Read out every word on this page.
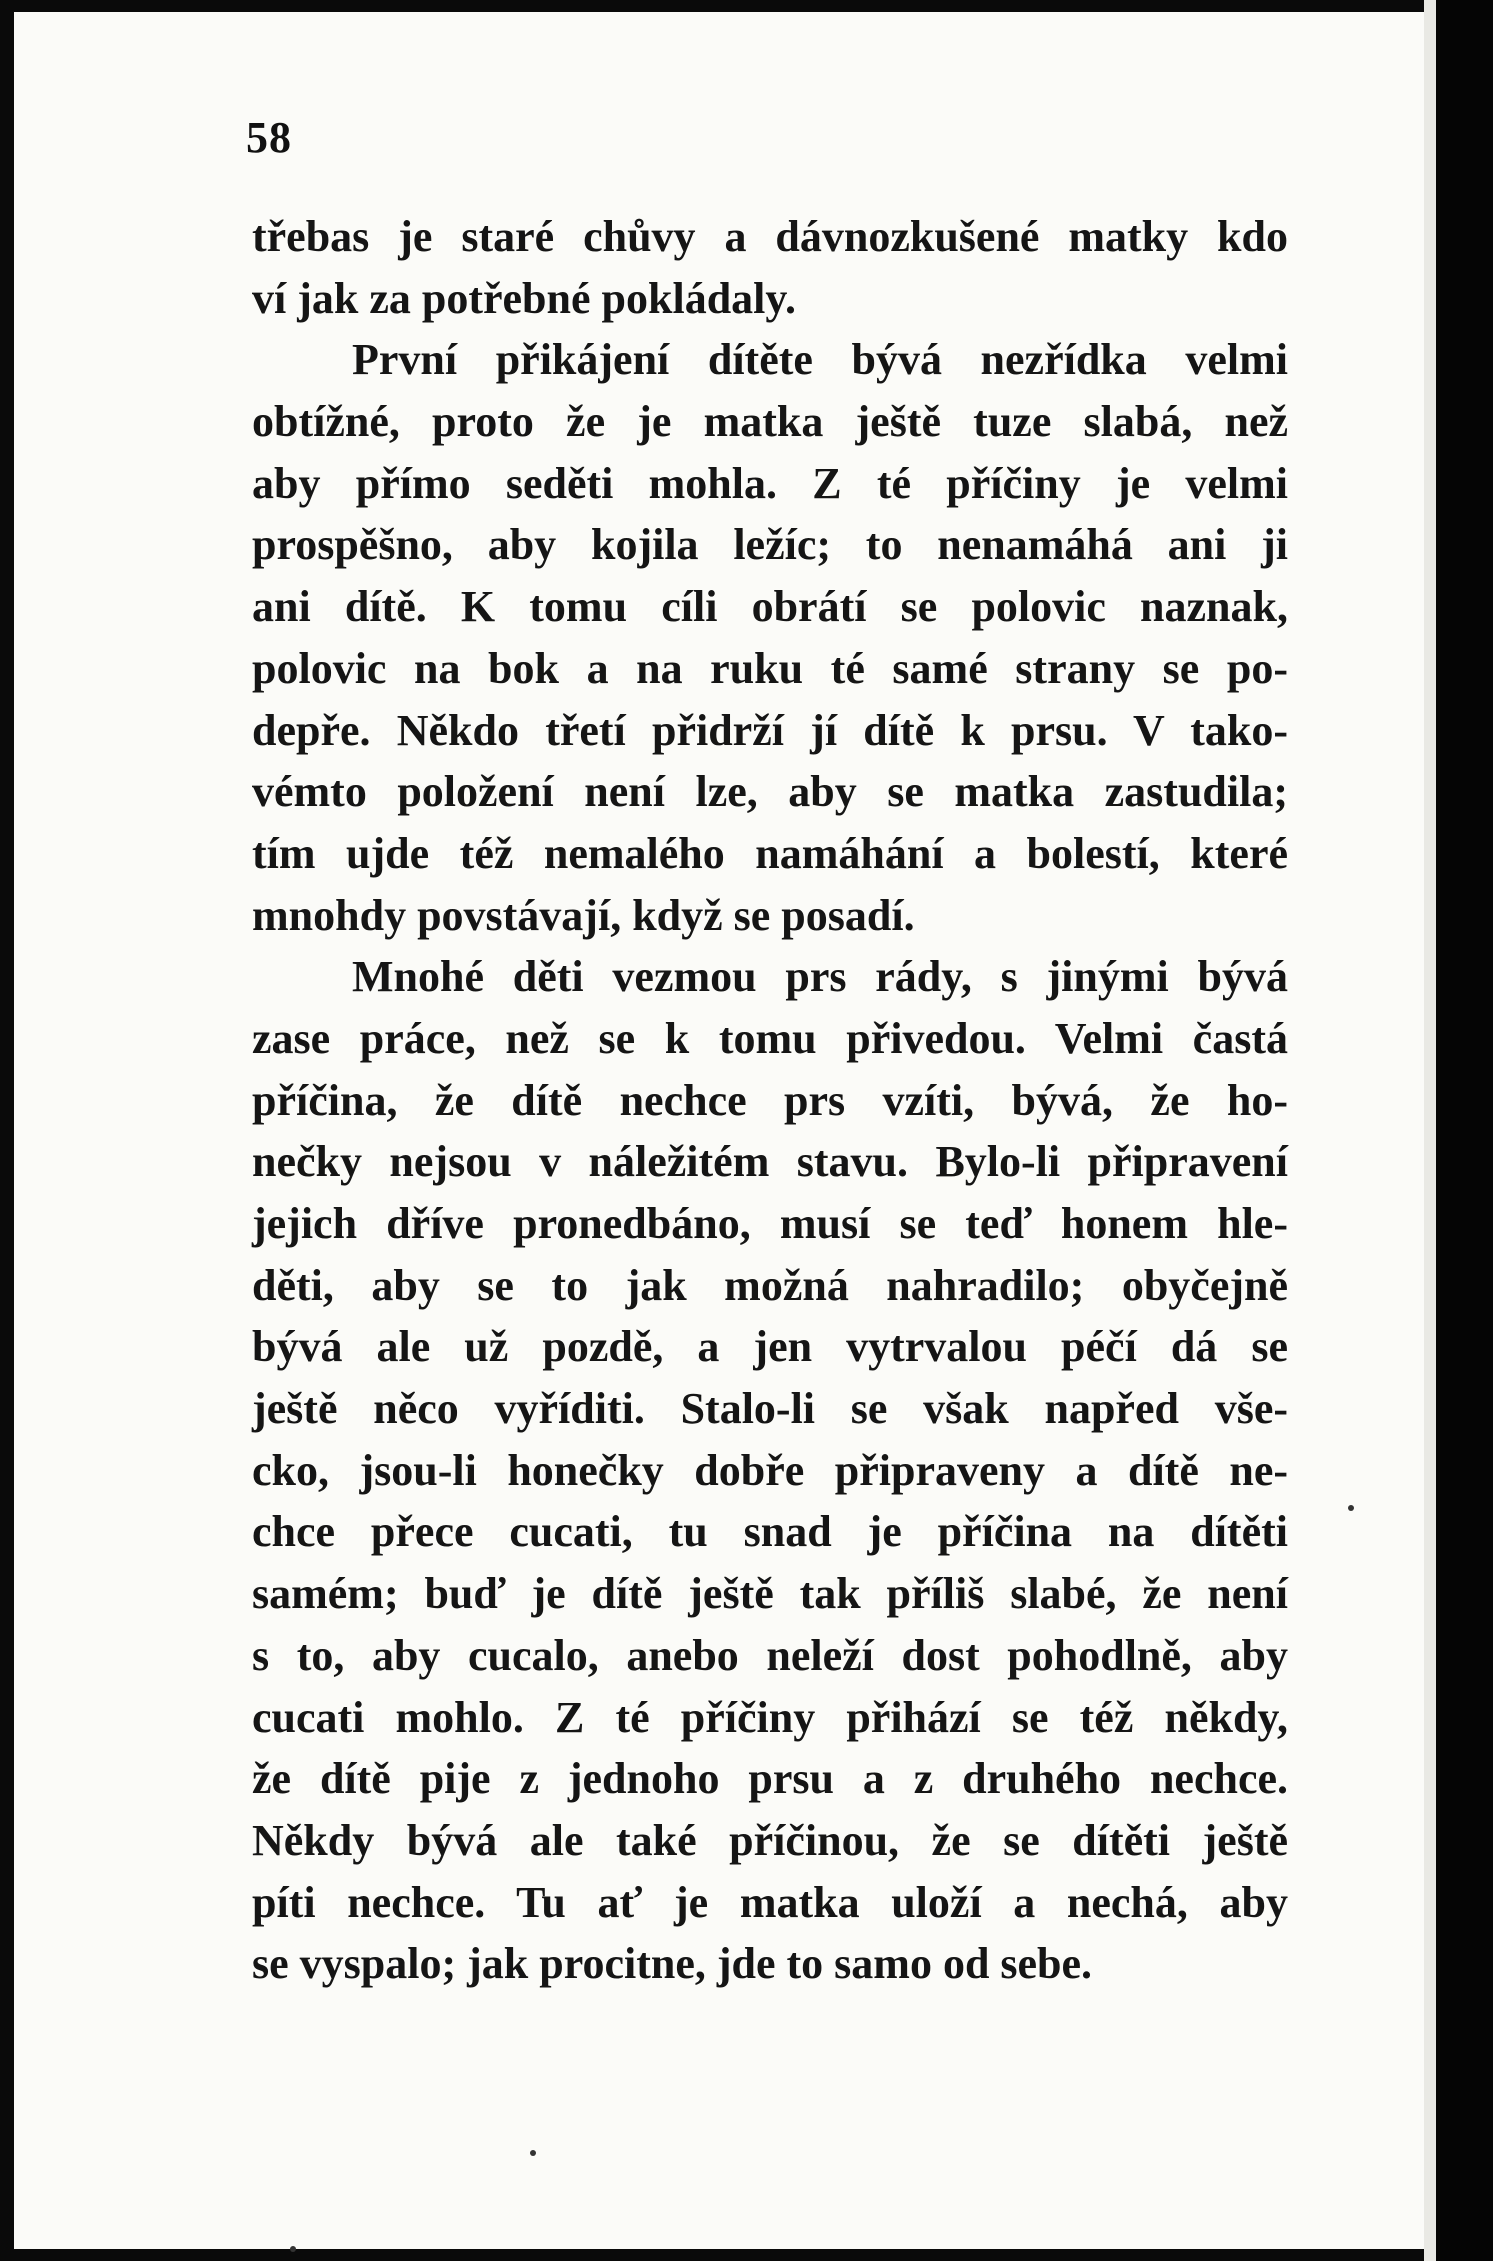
58
třebas je staré chůvy a dávnozkušené matky kdo
ví jak za potřebné pokládaly.
První přikájení dítěte bývá nezřídka velmi
obtížné, proto že je matka ještě tuze slabá, než
aby přímo seděti mohla. Z té příčiny je velmi
prospěšno, aby kojila ležíc; to nenamáhá ani ji
ani dítě. K tomu cíli obrátí se polovic naznak,
polovic na bok a na ruku té samé strany se po-
depře. Někdo třetí přidrží jí dítě k prsu. V tako-
vémto položení není lze, aby se matka zastudila;
tím ujde též nemalého namáhání a bolestí, které
mnohdy povstávají, když se posadí.
Mnohé děti vezmou prs rády, s jinými bývá
zase práce, než se k tomu přivedou. Velmi častá
příčina, že dítě nechce prs vzíti, bývá, že ho-
nečky nejsou v náležitém stavu. Bylo-li připravení
jejich dříve pronedbáno, musí se teď honem hle-
děti, aby se to jak možná nahradilo; obyčejně
bývá ale už pozdě, a jen vytrvalou péčí dá se
ještě něco vyříditi. Stalo-li se však napřed vše-
cko, jsou-li honečky dobře připraveny a dítě ne-
chce přece cucati, tu snad je příčina na dítěti
samém; buď je dítě ještě tak příliš slabé, že není
s to, aby cucalo, anebo neleží dost pohodlně, aby
cucati mohlo. Z té příčiny přihází se též někdy,
že dítě pije z jednoho prsu a z druhého nechce.
Někdy bývá ale také příčinou, že se dítěti ještě
píti nechce. Tu ať je matka uloží a nechá, aby
se vyspalo; jak procitne, jde to samo od sebe.
